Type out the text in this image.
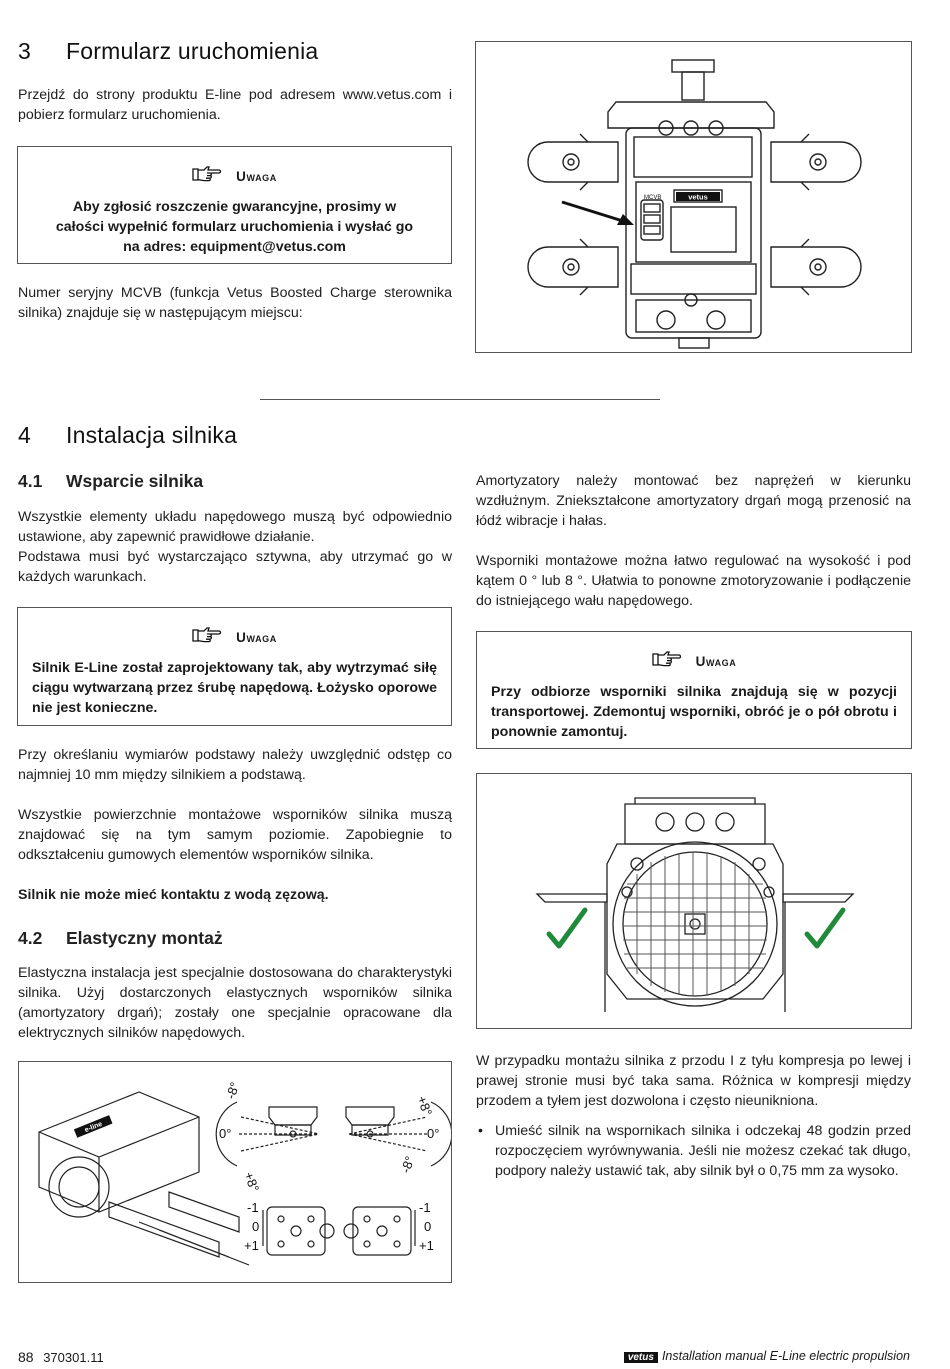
3 Formularz uruchomienia

Przejdź do strony produktu E-line pod adresem www.vetus.com i pobierz formularz uruchomienia.

Uwaga
Aby zgłosić roszczenie gwarancyjne, prosimy w całości wypełnić formularz uruchomienia i wysłać go na adres: equipment@vetus.com

Numer seryjny MCVB (funkcja Vetus Boosted Charge sterownika silnika) znajduje się w następującym miejscu:

MCVB	vetus
4 Instalacja silnika
4.1 Wsparcie silnika

Wszystkie elementy układu napędowego muszą być odpowiednio ustawione, aby zapewnić prawidłowe działanie.

Podstawa musi być wystarczająco sztywna, aby utrzymać go w każdych warunkach.

Uwaga
Silnik E-Line został zaprojektowany tak, aby wytrzymać siłę ciągu wytwarzaną przez śrubę napędową. Łożysko oporowe nie jest konieczne.

Przy określaniu wymiarów podstawy należy uwzględnić odstęp co najmniej 10 mm między silnikiem a podstawą.

Wszystkie powierzchnie montażowe wsporników silnika muszą znajdować się na tym samym poziomie. Zapobiegnie to odkształceniu gumowych elementów wsporników silnika.

Silnik nie może mieć kontaktu z wodą zęzową.

4.2 Elastyczny montaż

Elastyczna instalacja jest specjalnie dostosowana do charakterystyki silnika. Użyj dostarczonych elastycznych wsporników silnika (amortyzatory drgań); zostały one specjalnie opracowane dla elektrycznych silników napędowych.

e-line	0°	0°
-8°
+8°
+8°
-8°
-1
0
+1
-1
0
+1

Amortyzatory należy montować bez naprężeń w kierunku wzdłużnym. Zniekształcone amortyzatory drgań mogą przenosić na łódź wibracje i hałas.

Wsporniki montażowe można łatwo regulować na wysokość i pod kątem 0 ° lub 8 °. Ułatwia to ponowne zmotoryzowanie i podłączenie do istniejącego wału napędowego.

Uwaga
Przy odbiorze wsporniki silnika znajdują się w pozycji transportowej. Zdemontuj wsporniki, obróć je o pół obrotu i ponownie zamontuj.

W przypadku montażu silnika z przodu I z tyłu kompresja po lewej i prawej stronie musi być taka sama. Różnica w kompresji między przodem a tyłem jest dozwolona i często nieunikniona.

• Umieść silnik na wspornikach silnika i odczekaj 48 godzin przed rozpoczęciem wyrównywania. Jeśli nie możesz czekać tak długo, podpory należy ustawić tak, aby silnik był o 0,75 mm za wysoko.

88 370301.11	vetus Installation manual E-Line electric propulsion
